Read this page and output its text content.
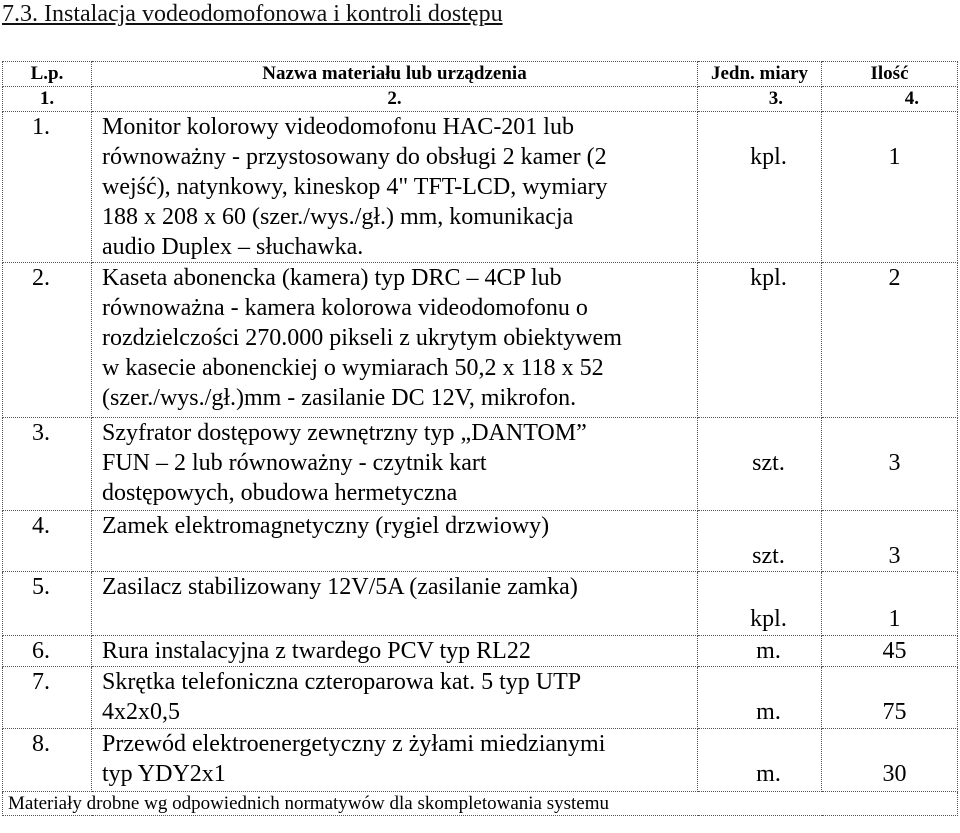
7.3. Instalacja vodeodomofonowa i kontroli dostępu
L.p.	Nazwa materiału lub urządzenia	Jedn. miary	Ilość
1.	2.	3.	4.
1.	Monitor kolorowy videodomofonu HAC-201 lub
równoważny - przystosowany do obsługi 2 kamer (2
wejść), natynkowy, kineskop 4" TFT-LCD, wymiary
188 x 208 x 60 (szer./wys./gł.) mm, komunikacja
audio Duplex – słuchawka.	kpl.	1
2.	Kaseta abonencka (kamera) typ DRC – 4CP lub
równoważna - kamera kolorowa videodomofonu o
rozdzielczości 270.000 pikseli z ukrytym obiektywem
w kasecie abonenckiej o wymiarach 50,2 x 118 x 52
(szer./wys./gł.)mm - zasilanie DC 12V, mikrofon.	kpl.	2
3.	Szyfrator dostępowy zewnętrzny typ „DANTOM”
FUN – 2 lub równoważny - czytnik kart
dostępowych, obudowa hermetyczna	szt.	3
4.	Zamek elektromagnetyczny (rygiel drzwiowy)	szt.	3
5.	Zasilacz stabilizowany 12V/5A (zasilanie zamka)	kpl.	1
6.	Rura instalacyjna z twardego PCV typ RL22	m.	45
7.	Skrętka telefoniczna czteroparowa kat. 5 typ UTP
4x2x0,5	m.	75
8.	Przewód elektroenergetyczny z żyłami miedzianymi
typ YDY2x1	m.	30
Materiały drobne wg odpowiednich normatywów dla skompletowania systemu			
